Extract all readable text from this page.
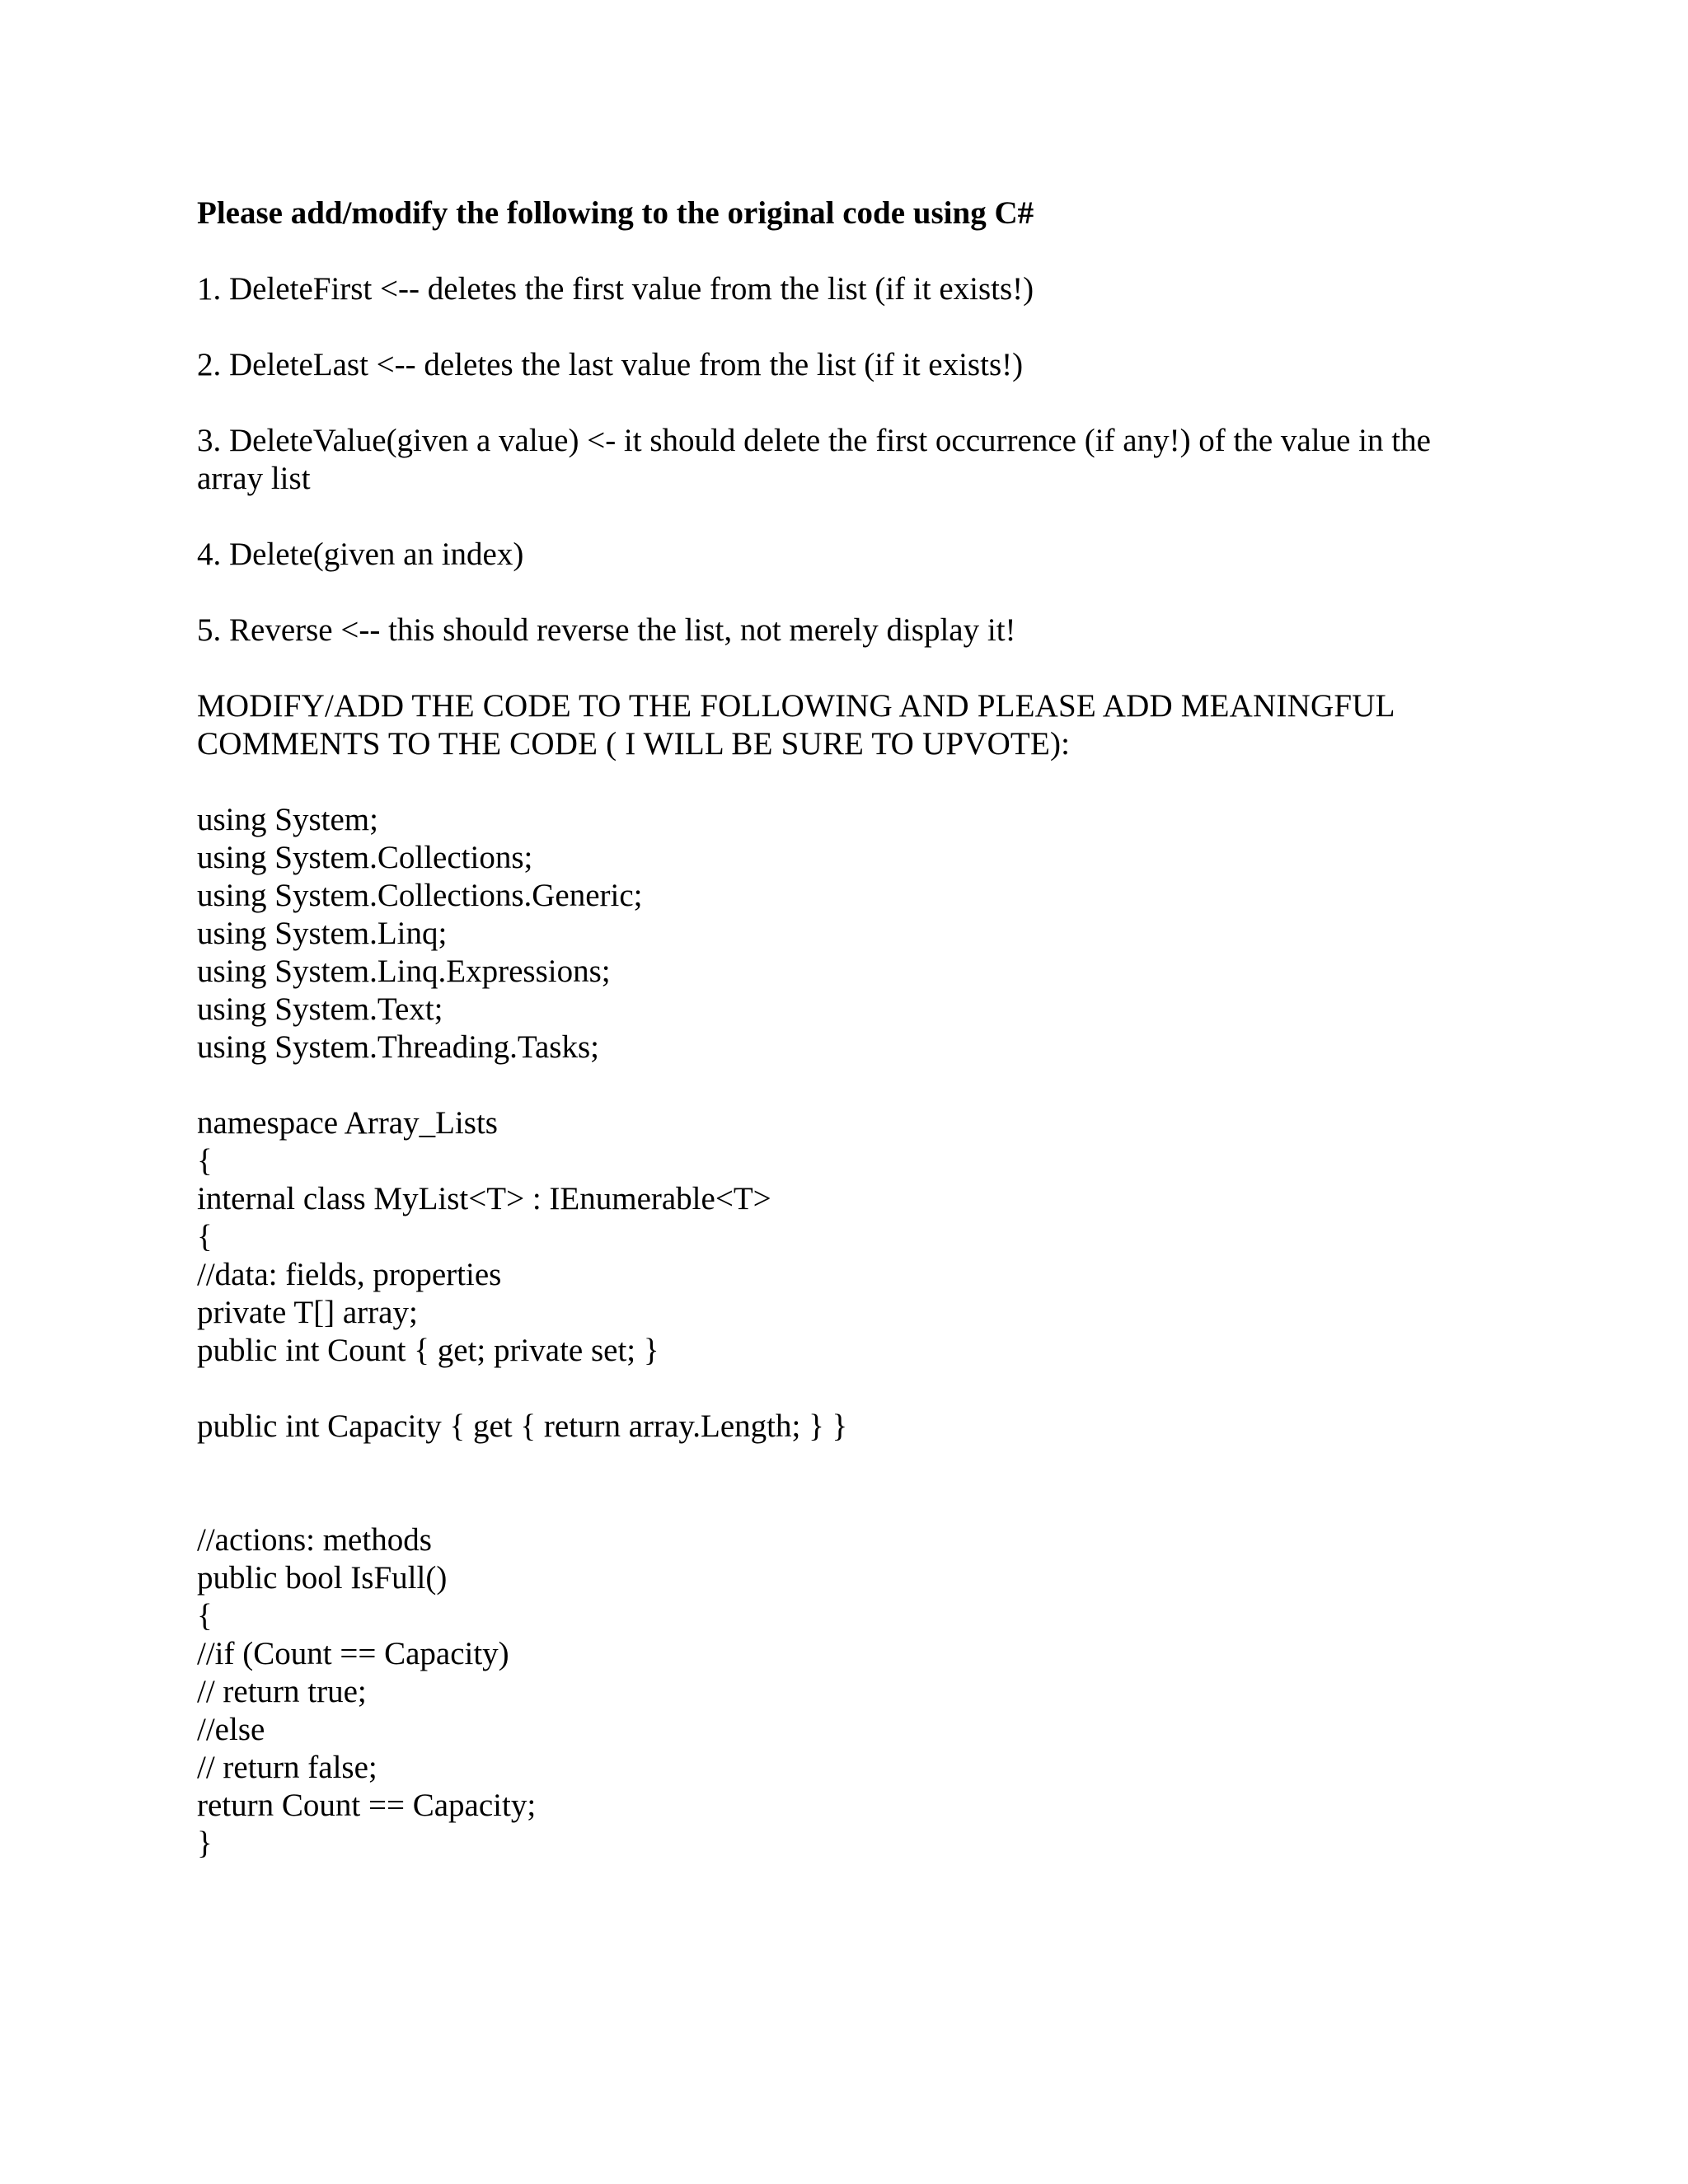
Please add/modify the following to the original code using C#
1. DeleteFirst <-- deletes the first value from the list (if it exists!)
2. DeleteLast <-- deletes the last value from the list (if it exists!)
3. DeleteValue(given a value) <- it should delete the first occurrence (if any!) of the value in the array list
4. Delete(given an index)
5. Reverse <-- this should reverse the list, not merely display it!
MODIFY/ADD THE CODE TO THE FOLLOWING AND PLEASE ADD MEANINGFUL COMMENTS TO THE CODE ( I WILL BE SURE TO UPVOTE):
using System;
using System.Collections;
using System.Collections.Generic;
using System.Linq;
using System.Linq.Expressions;
using System.Text;
using System.Threading.Tasks;
namespace Array_Lists
{
internal class MyList<T> : IEnumerable<T>
{
//data: fields, properties
private T[] array;
public int Count { get; private set; }
public int Capacity { get { return array.Length; } }
//actions: methods
public bool IsFull()
{
//if (Count == Capacity)
// return true;
//else
// return false;
return Count == Capacity;
}
